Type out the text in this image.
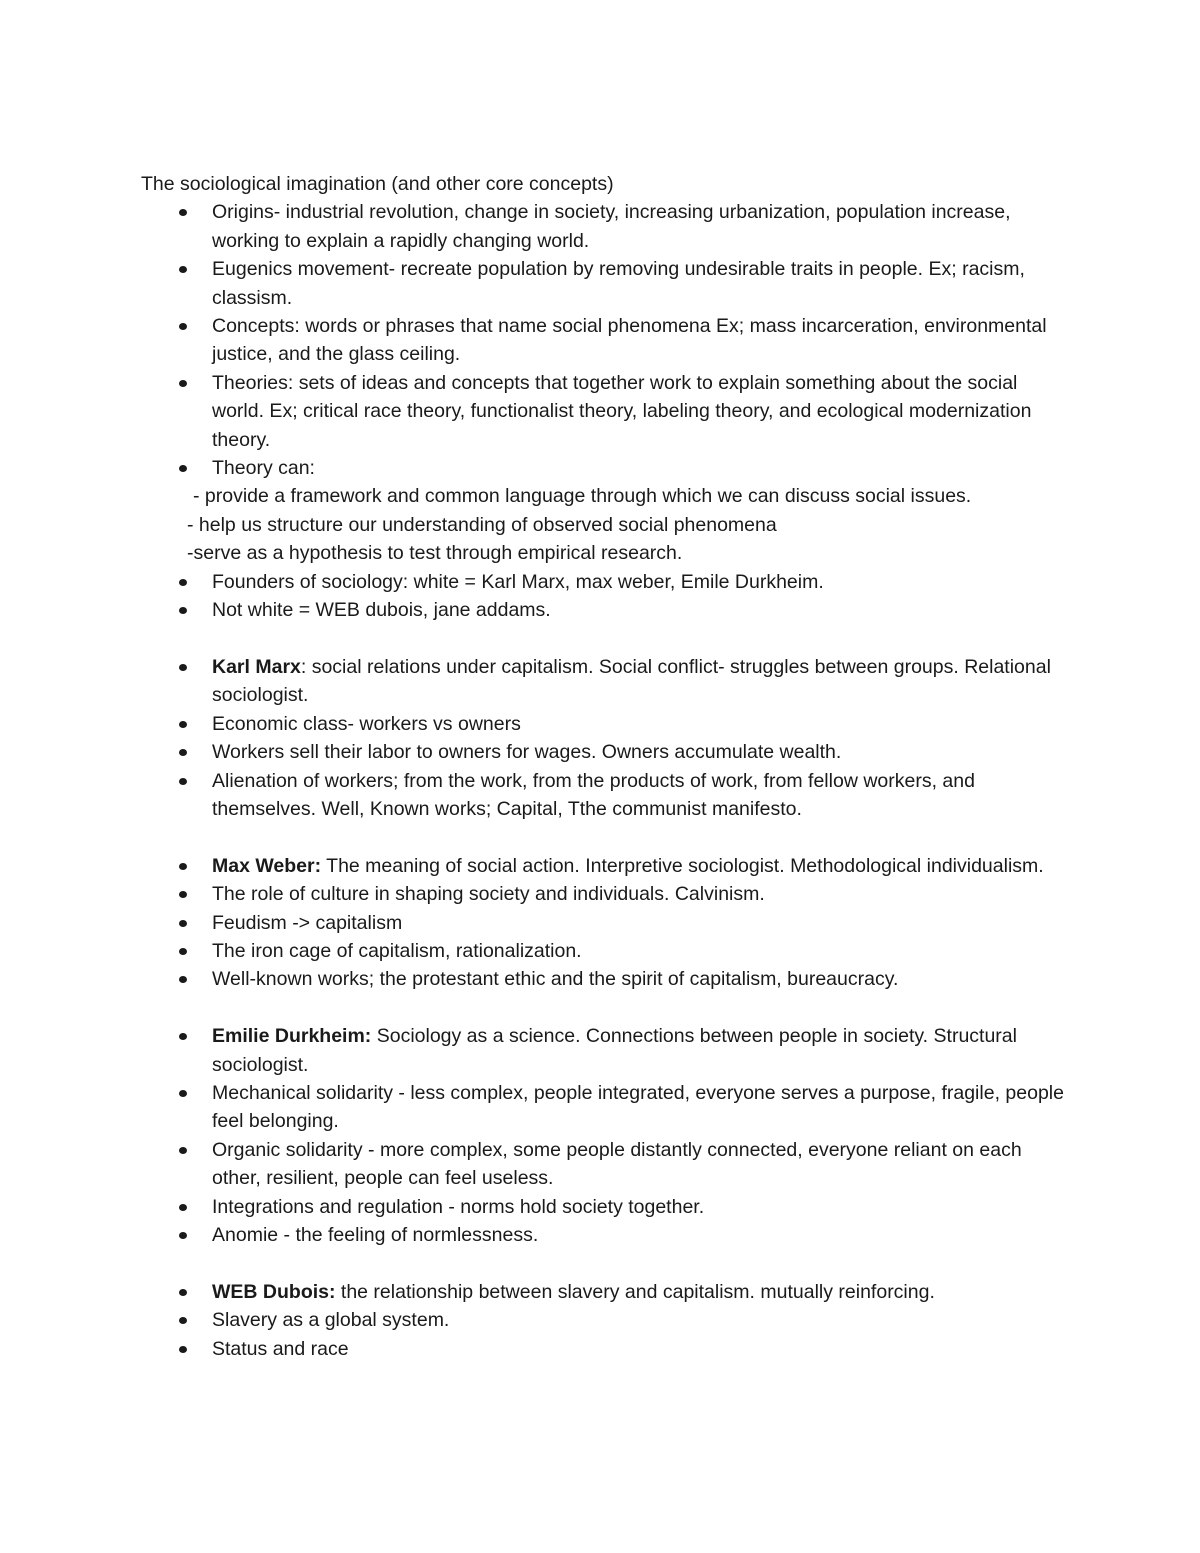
The sociological imagination (and other core concepts)

Origins- industrial revolution, change in society, increasing urbanization, population increase, working to explain a rapidly changing world.
Eugenics movement- recreate population by removing undesirable traits in people. Ex; racism, classism.
Concepts: words or phrases that name social phenomena Ex; mass incarceration, environmental justice, and the glass ceiling.
Theories: sets of ideas and concepts that together work to explain something about the social world. Ex; critical race theory, functionalist theory, labeling theory, and ecological modernization theory.
Theory can:

- provide a framework and common language through which we can discuss social issues.

- help us structure our understanding of observed social phenomena

-serve as a hypothesis to test through empirical research.

Founders of sociology: white = Karl Marx, max weber, Emile Durkheim.
Not white = WEB dubois, jane addams.
Karl Marx: social relations under capitalism. Social conflict- struggles between groups. Relational sociologist.
Economic class- workers vs owners
Workers sell their labor to owners for wages. Owners accumulate wealth.
Alienation of workers; from the work, from the products of work, from fellow workers, and themselves. Well, Known works; Capital, Tthe communist manifesto.
Max Weber: The meaning of social action. Interpretive sociologist. Methodological individualism.
The role of culture in shaping society and individuals. Calvinism.
Feudism -> capitalism
The iron cage of capitalism, rationalization.
Well-known works; the protestant ethic and the spirit of capitalism, bureaucracy.
Emilie Durkheim: Sociology as a science. Connections between people in society. Structural sociologist.
Mechanical solidarity - less complex, people integrated, everyone serves a purpose, fragile, people feel belonging.
Organic solidarity - more complex, some people distantly connected, everyone reliant on each other, resilient, people can feel useless.
Integrations and regulation - norms hold society together.
Anomie - the feeling of normlessness.
WEB Dubois: the relationship between slavery and capitalism. mutually reinforcing.
Slavery as a global system.
Status and race
